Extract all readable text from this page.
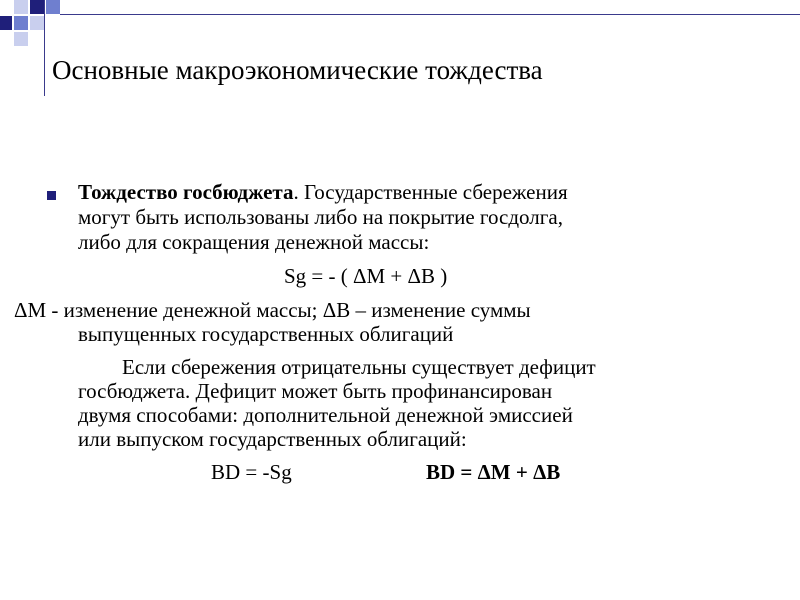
Основные макроэкономические тождества
Тождество госбюджета. Государственные сбережения
могут быть использованы либо на покрытие госдолга,
либо для сокращения денежной массы:
Sg = - ( ΔM + ΔB )
ΔM - изменение денежной массы; ΔB – изменение суммы
выпущенных государственных облигаций
Если сбережения отрицательны существует дефицит
госбюджета. Дефицит может быть профинансирован
двумя способами: дополнительной денежной эмиссией
или выпуском государственных облигаций:
BD = -Sg	BD = ΔM + ΔB
